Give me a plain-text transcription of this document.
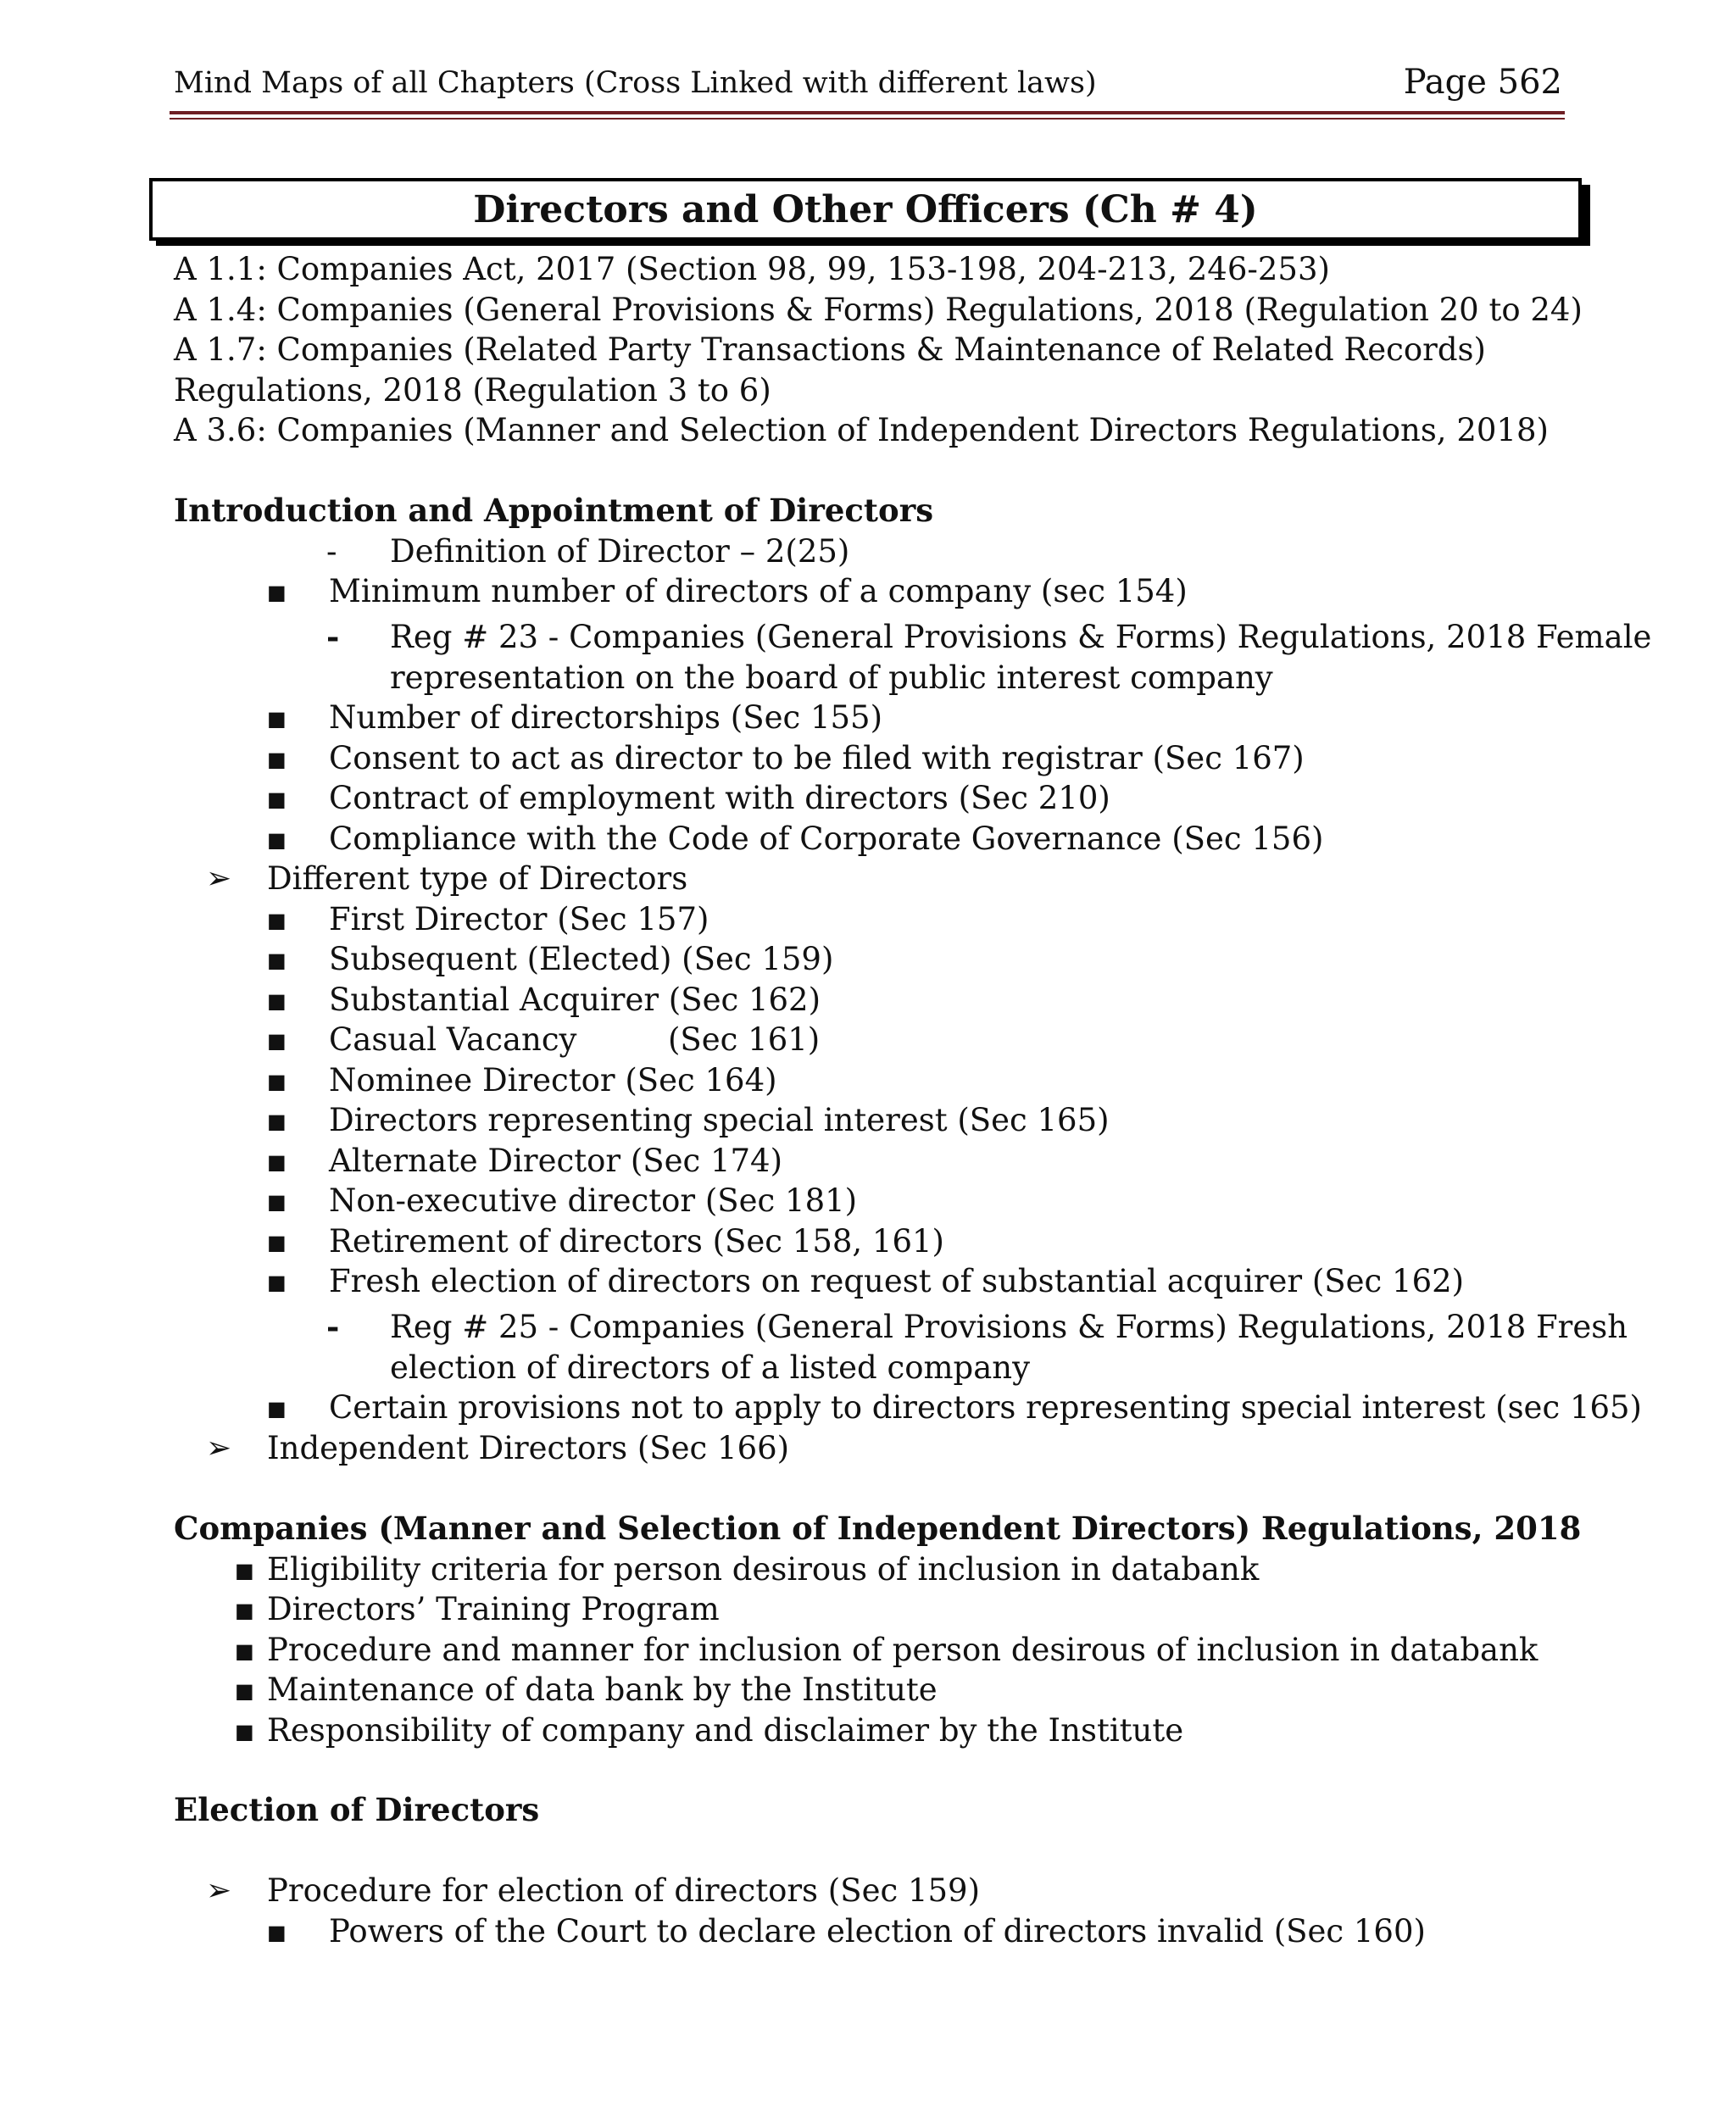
Mind Maps of all Chapters (Cross Linked with different laws)	Page 562
Directors and Other Officers (Ch # 4)
A 1.1: Companies Act, 2017 (Section 98, 99, 153-198, 204-213, 246-253)
A 1.4: Companies (General Provisions & Forms) Regulations, 2018 (Regulation 20 to 24)
A 1.7: Companies (Related Party Transactions & Maintenance of Related Records)
Regulations, 2018 (Regulation 3 to 6)
A 3.6: Companies (Manner and Selection of Independent Directors Regulations, 2018)
Introduction and Appointment of Directors
- Definition of Director – 2(25)
■ Minimum number of directors of a company (sec 154)
- Reg # 23 - Companies (General Provisions & Forms) Regulations, 2018 Female
representation on the board of public interest company
■ Number of directorships (Sec 155)
■ Consent to act as director to be filed with registrar (Sec 167)
■ Contract of employment with directors (Sec 210)
■ Compliance with the Code of Corporate Governance (Sec 156)
➢ Different type of Directors
■ First Director (Sec 157)
■ Subsequent (Elected) (Sec 159)
■ Substantial Acquirer (Sec 162)
■ Casual Vacancy	(Sec 161)
■ Nominee Director (Sec 164)
■ Directors representing special interest (Sec 165)
■ Alternate Director (Sec 174)
■ Non-executive director (Sec 181)
■ Retirement of directors (Sec 158, 161)
■ Fresh election of directors on request of substantial acquirer (Sec 162)
- Reg # 25 - Companies (General Provisions & Forms) Regulations, 2018 Fresh
election of directors of a listed company
■ Certain provisions not to apply to directors representing special interest (sec 165)
➢ Independent Directors (Sec 166)
Companies (Manner and Selection of Independent Directors) Regulations, 2018
■ Eligibility criteria for person desirous of inclusion in databank
■ Directors’ Training Program
■ Procedure and manner for inclusion of person desirous of inclusion in databank
■ Maintenance of data bank by the Institute
■ Responsibility of company and disclaimer by the Institute
Election of Directors
➢ Procedure for election of directors (Sec 159)
■ Powers of the Court to declare election of directors invalid (Sec 160)
